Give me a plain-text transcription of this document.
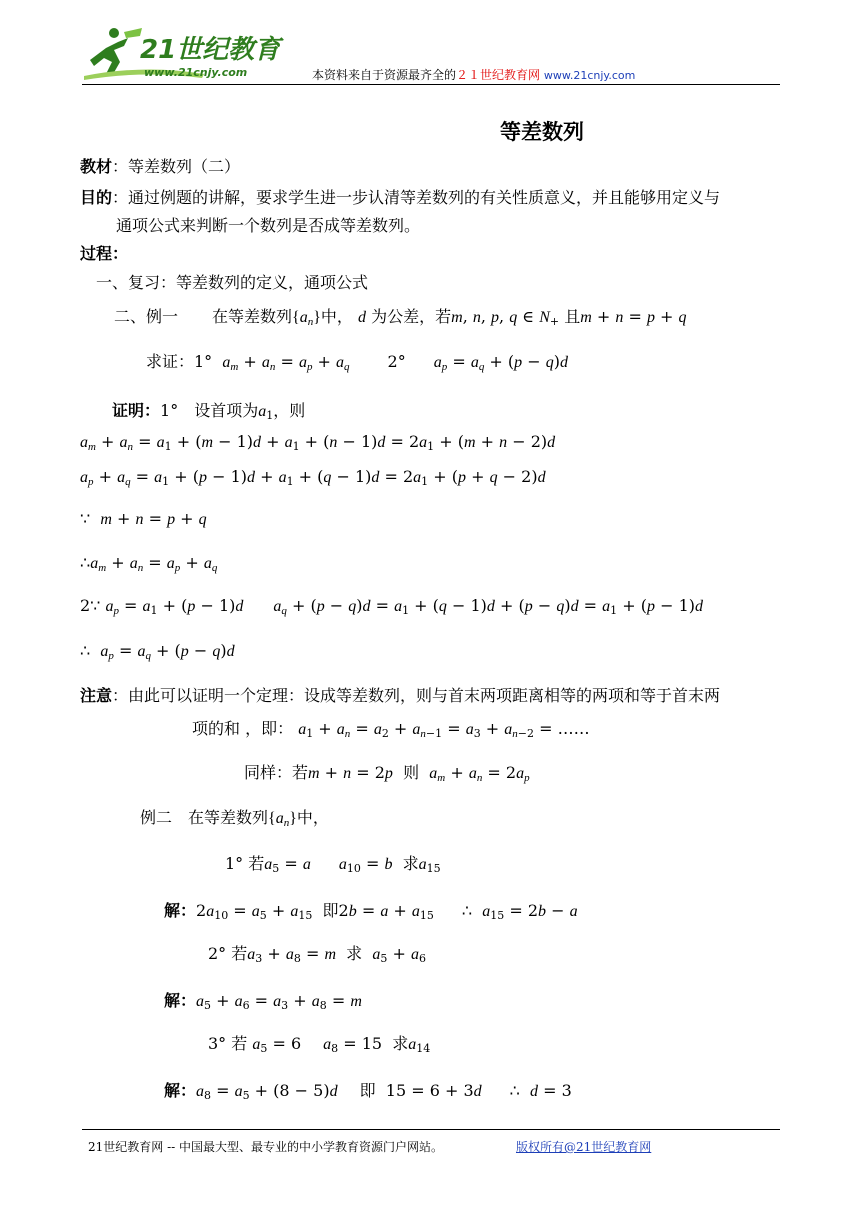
21世纪教育
www.21cnjy.com	本资料来自于资源最齐全的２１世纪教育网 www.21cnjy.com
等差数列
教材：等差数列（二）
目的：通过例题的讲解，要求学生进一步认清等差数列的有关性质意义，并且能够用定义与
通项公式来判断一个数列是否成等差数列。
过程：
一、复习：等差数列的定义，通项公式
二、例一 在等差数列$\{a_n\}$中， d 为公差，若m, n, p, q ∈ $N_+$ 且m + n = p + q
求证：1° $a_m + a_n = a_p + a_q$ 2° $a_p = a_q + (p - q)d$
证明：1°　设首项为$a_1$，则
$a_m + a_n = a_1 + (m - 1)d + a_1 + (n - 1)d = 2a_1 + (m + n - 2)d$
$a_p + a_q = a_1 + (p - 1)d + a_1 + (q - 1)d = 2a_1 + (p + q - 2)d$
∵ m + n = p + q
$\therefore a_m + a_n = a_p + a_q$
2∵ $a_p = a_1 + (p - 1)d$ $a_q + (p - q)d = a_1 + (q - 1)d + (p - q)d = a_1 + (p - 1)d$
∴ $a_p = a_q + (p - q)d$
注意：由此可以证明一个定理：设成等差数列，则与首末两项距离相等的两项和等于首末两
项的和 ，即： $a_1 + a_n = a_2 + a_{n-1} = a_3 + a_{n-2}$ = ……
同样：若m + n = 2p 则 $a_m + a_n = 2a_p$
例二　在等差数列$\{a_n\}$中，
1° 若$a_5 = a$ $a_{10} = b$ 求$a_{15}$
解：$2a_{10} = a_5 + a_{15}$ 即$2b = a + a_{15}$ ∴ $a_{15} = 2b - a$
2° 若$a_3 + a_8 = m$ 求 $a_5 + a_6$
解：$a_5 + a_6 = a_3 + a_8 = m$
3° 若 $a_5 = 6$ $a_8 = 15$  求$a_{14}$
解：$a_8 = a_5 + (8 - 5)d$ 即  15 = 6 + 3d ∴ d = 3
21世纪教育网 -- 中国最大型、最专业的中小学教育资源门户网站。	版权所有@21世纪教育网
